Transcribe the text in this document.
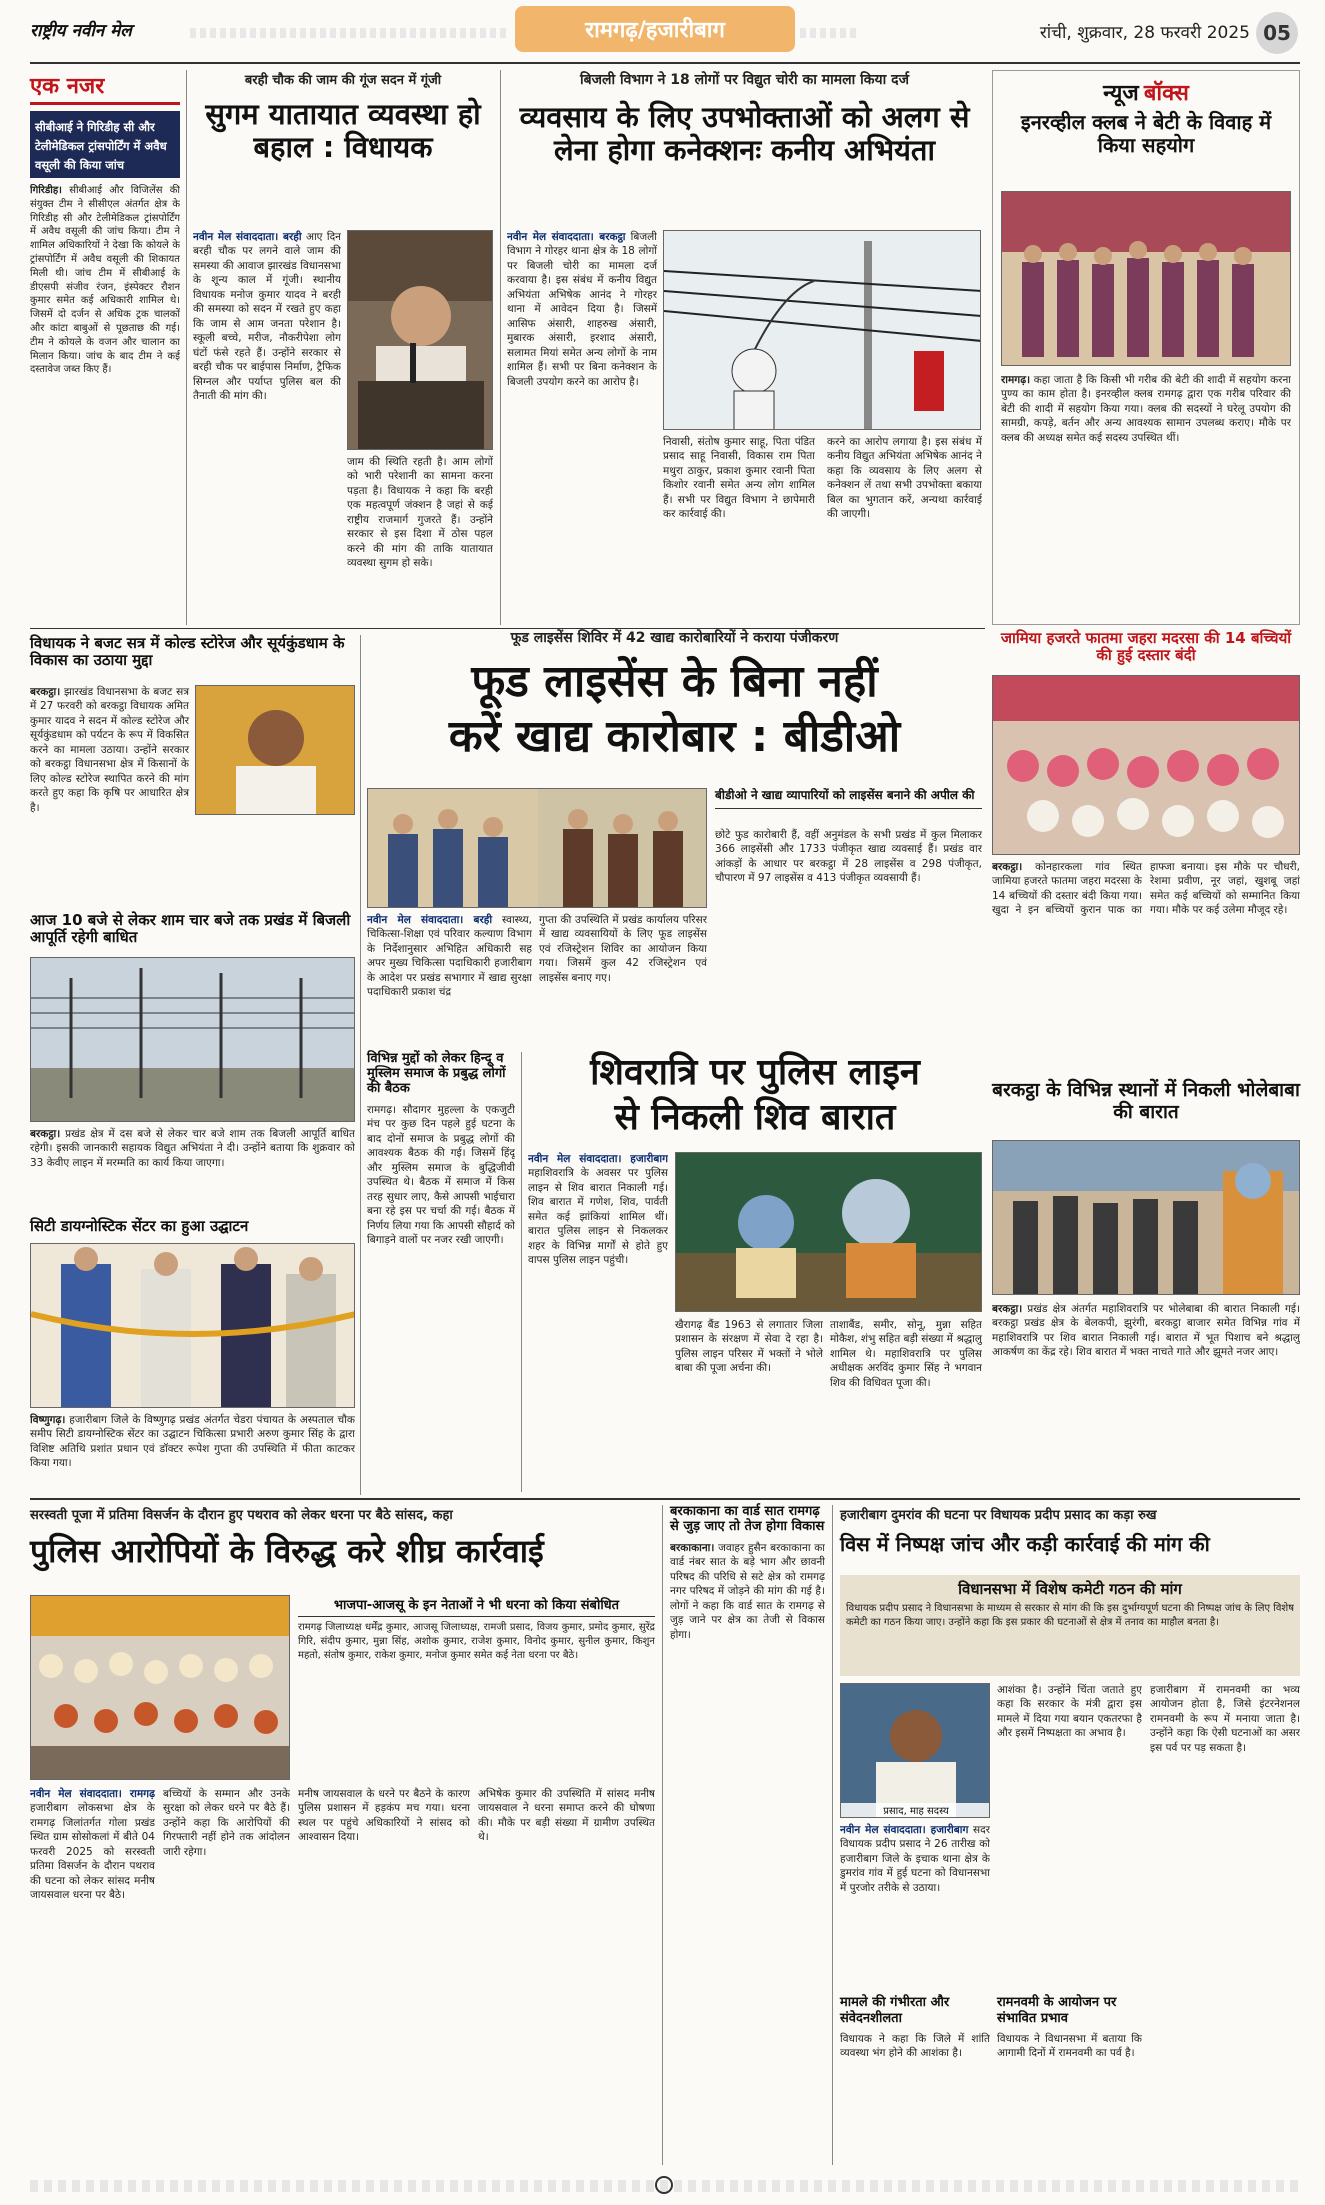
राष्ट्रीय नवीन मेल	रामगढ़/हजारीबाग	रांची, शुक्रवार, 28 फरवरी 2025 05
एक नजर
सीबीआई ने गिरिडीह सी और टेलीमेडिकल ट्रांसपोर्टिंग में अवैध वसूली की किया जांच
गिरिडीह। सीबीआई और विजिलेंस की संयुक्त टीम ने सीसीएल अंतर्गत क्षेत्र के गिरिडीह सी और टेलीमेडिकल ट्रांसपोर्टिंग में अवैध वसूली की जांच किया। टीम ने शामिल अधिकारियों ने देखा कि कोयले के ट्रांसपोर्टिंग में अवैध वसूली की शिकायत मिली थी। जांच टीम में सीबीआई के डीएसपी संजीव रंजन, इंस्पेक्टर रौशन कुमार समेत कई अधिकारी शामिल थे। जिसमें दो दर्जन से अधिक ट्रक चालकों और कांटा बाबुओं से पूछताछ की गई। टीम ने कोयले के वजन और चालान का मिलान किया। जांच के बाद टीम ने कई दस्तावेज जब्त किए हैं।
बरही चौक की जाम की गूंज सदन में गूंजी
सुगम यातायात व्यवस्था हो बहाल : विधायक
नवीन मेल संवाददाता। बरही आए दिन बरही चौक पर लगने वाले जाम की समस्या की आवाज झारखंड विधानसभा के शून्य काल में गूंजी। स्थानीय विधायक मनोज कुमार यादव ने बरही की समस्या को सदन में रखते हुए कहा कि जाम से आम जनता परेशान है। स्कूली बच्चे, मरीज, नौकरीपेशा लोग घंटों फंसे रहते हैं। उन्होंने सरकार से बरही चौक पर बाईपास निर्माण, ट्रैफिक सिग्नल और पर्याप्त पुलिस बल की तैनाती की मांग की।
जाम की स्थिति रहती है। आम लोगों को भारी परेशानी का सामना करना पड़ता है। विधायक ने कहा कि बरही एक महत्वपूर्ण जंक्शन है जहां से कई राष्ट्रीय राजमार्ग गुजरते हैं। उन्होंने सरकार से इस दिशा में ठोस पहल करने की मांग की ताकि यातायात व्यवस्था सुगम हो सके।
बिजली विभाग ने 18 लोगों पर विद्युत चोरी का मामला किया दर्ज
व्यवसाय के लिए उपभोक्ताओं को अलग से लेना होगा कनेक्शनः कनीय अभियंता
नवीन मेल संवाददाता। बरकट्ठा बिजली विभाग ने गोरहर थाना क्षेत्र के 18 लोगों पर बिजली चोरी का मामला दर्ज करवाया है। इस संबंध में कनीय विद्युत अभियंता अभिषेक आनंद ने गोरहर थाना में आवेदन दिया है। जिसमें आसिफ अंसारी, शाहरुख अंसारी, मुबारक अंसारी, इरशाद अंसारी, सलामत मियां समेत अन्य लोगों के नाम शामिल हैं। सभी पर बिना कनेक्शन के बिजली उपयोग करने का आरोप है।
निवासी, संतोष कुमार साहू, पिता पंडित प्रसाद साहू निवासी, विकास राम पिता मथुरा ठाकुर, प्रकाश कुमार रवानी पिता किशोर रवानी समेत अन्य लोग शामिल हैं। सभी पर विद्युत विभाग ने छापेमारी कर कार्रवाई की।
करने का आरोप लगाया है। इस संबंध में कनीय विद्युत अभियंता अभिषेक आनंद ने कहा कि व्यवसाय के लिए अलग से कनेक्शन लें तथा सभी उपभोक्ता बकाया बिल का भुगतान करें, अन्यथा कार्रवाई की जाएगी।
न्यूज बॉक्स
इनरव्हील क्लब ने बेटी के विवाह में किया सहयोग
रामगढ़। कहा जाता है कि किसी भी गरीब की बेटी की शादी में सहयोग करना पुण्य का काम होता है। इनरव्हील क्लब रामगढ़ द्वारा एक गरीब परिवार की बेटी की शादी में सहयोग किया गया। क्लब की सदस्यों ने घरेलू उपयोग की सामग्री, कपड़े, बर्तन और अन्य आवश्यक सामान उपलब्ध कराए। मौके पर क्लब की अध्यक्ष समेत कई सदस्य उपस्थित थीं।
विधायक ने बजट सत्र में कोल्ड स्टोरेज और सूर्यकुंडधाम के विकास का उठाया मुद्दा
बरकट्ठा। झारखंड विधानसभा के बजट सत्र में 27 फरवरी को बरकट्ठा विधायक अमित कुमार यादव ने सदन में कोल्ड स्टोरेज और सूर्यकुंडधाम को पर्यटन के रूप में विकसित करने का मामला उठाया। उन्होंने सरकार को बरकट्ठा विधानसभा क्षेत्र में किसानों के लिए कोल्ड स्टोरेज स्थापित करने की मांग करते हुए कहा कि कृषि पर आधारित क्षेत्र है।
आज 10 बजे से लेकर शाम चार बजे तक प्रखंड में बिजली आपूर्ति रहेगी बाधित
बरकट्ठा। प्रखंड क्षेत्र में दस बजे से लेकर चार बजे शाम तक बिजली आपूर्ति बाधित रहेगी। इसकी जानकारी सहायक विद्युत अभियंता ने दी। उन्होंने बताया कि शुक्रवार को 33 केवीए लाइन में मरम्मति का कार्य किया जाएगा।
सिटी डायग्नोस्टिक सेंटर का हुआ उद्घाटन
विष्णुगढ़। हजारीबाग जिले के विष्णुगढ़ प्रखंड अंतर्गत चेडरा पंचायत के अस्पताल चौक समीप सिटी डायग्नोस्टिक सेंटर का उद्घाटन चिकित्सा प्रभारी अरुण कुमार सिंह के द्वारा विशिष्ट अतिथि प्रशांत प्रधान एवं डॉक्टर रूपेश गुप्ता की उपस्थिति में फीता काटकर किया गया।
फूड लाइसेंस शिविर में 42 खाद्य कारोबारियों ने कराया पंजीकरण
फूड लाइसेंस के बिना नहीं
करें खाद्य कारोबार : बीडीओ
बीडीओ ने खाद्य व्यापारियों को लाइसेंस बनाने की अपील की
छोटे फुड कारोबारी हैं, वहीं अनुमंडल के सभी प्रखंड में कुल मिलाकर 366 लाइसेंसी और 1733 पंजीकृत खाद्य व्यवसाई हैं। प्रखंड वार आंकड़ों के आधार पर बरकट्ठा में 28 लाइसेंस व 298 पंजीकृत, चौपारण में 97 लाइसेंस व 413 पंजीकृत व्यवसायी हैं।
नवीन मेल संवाददाता। बरही स्वास्थ्य, चिकित्सा-शिक्षा एवं परिवार कल्याण विभाग के निर्देशानुसार अभिहित अधिकारी सह अपर मुख्य चिकित्सा पदाधिकारी हजारीबाग के आदेश पर प्रखंड सभागार में खाद्य सुरक्षा पदाधिकारी प्रकाश चंद्र
गुप्ता की उपस्थिति में प्रखंड कार्यालय परिसर में खाद्य व्यवसायियों के लिए फूड लाइसेंस एवं रजिस्ट्रेशन शिविर का आयोजन किया गया। जिसमें कुल 42 रजिस्ट्रेशन एवं लाइसेंस बनाए गए।
विभिन्न मुद्दों को लेकर हिन्दू व मुस्लिम समाज के प्रबुद्ध लोगों की बैठक
रामगढ़। सौदागर मुहल्ला के एकजुटी मंच पर कुछ दिन पहले हुई घटना के बाद दोनों समाज के प्रबुद्ध लोगों की आवश्यक बैठक की गई। जिसमें हिंदू और मुस्लिम समाज के बुद्धिजीवी उपस्थित थे। बैठक में समाज में किस तरह सुधार लाए, कैसे आपसी भाईचारा बना रहे इस पर चर्चा की गई। बैठक में निर्णय लिया गया कि आपसी सौहार्द को बिगाड़ने वालों पर नजर रखी जाएगी।
शिवरात्रि पर पुलिस लाइन
से निकली शिव बारात
नवीन मेल संवाददाता। हजारीबाग महाशिवरात्रि के अवसर पर पुलिस लाइन से शिव बारात निकाली गई। शिव बारात में गणेश, शिव, पार्वती समेत कई झांकियां शामिल थीं। बारात पुलिस लाइन से निकलकर शहर के विभिन्न मार्गों से होते हुए वापस पुलिस लाइन पहुंची।
खैरागढ़ बैंड 1963 से लगातार जिला प्रशासन के संरक्षण में सेवा दे रहा है। पुलिस लाइन परिसर में भक्तों ने भोले बाबा की पूजा अर्चना की।
ताशाबैंड, समीर, सोनू, मुन्ना सहित मोकैश, शंभु सहित बड़ी संख्या में श्रद्धालु शामिल थे। महाशिवरात्रि पर पुलिस अधीक्षक अरविंद कुमार सिंह ने भगवान शिव की विधिवत पूजा की।
जामिया हजरते फातमा जहरा मदरसा की 14 बच्चियों की हुई दस्तार बंदी
बरकट्ठा। कोनहारकला गांव स्थित जामिया हजरते फातमा जहरा मदरसा के 14 बच्चियों की दस्तार बंदी किया गया। खुदा ने इन बच्चियों कुरान पाक का हाफ्जा बनाया। इस मौके पर चौधरी, रेशमा प्रवीण, नूर जहां, खुशबू जहां समेत कई बच्चियों को सम्मानित किया गया। मौके पर कई उलेमा मौजूद रहे।
बरकट्ठा के विभिन्न स्थानों में निकली भोलेबाबा की बारात
बरकट्ठा। प्रखंड क्षेत्र अंतर्गत महाशिवरात्रि पर भोलेबाबा की बारात निकाली गई। बरकट्ठा प्रखंड क्षेत्र के बेलकपी, झुरंगी, बरकट्ठा बाजार समेत विभिन्न गांव में महाशिवरात्रि पर शिव बारात निकाली गई। बारात में भूत पिशाच बने श्रद्धालु आकर्षण का केंद्र रहे। शिव बारात में भक्त नाचते गाते और झूमते नजर आए।
सरस्वती पूजा में प्रतिमा विसर्जन के दौरान हुए पथराव को लेकर धरना पर बैठे सांसद, कहा
पुलिस आरोपियों के विरुद्ध करे शीघ्र कार्रवाई
भाजपा-आजसू के इन नेताओं ने भी धरना को किया संबोधित
रामगढ़ जिलाध्यक्ष धर्मेंद्र कुमार, आजसू जिलाध्यक्ष, रामजी प्रसाद, विजय कुमार, प्रमोद कुमार, सुरेंद्र गिरि, संदीप कुमार, मुन्ना सिंह, अशोक कुमार, राजेश कुमार, विनोद कुमार, सुनील कुमार, किशुन महतो, संतोष कुमार, राकेश कुमार, मनोज कुमार समेत कई नेता धरना पर बैठे।
नवीन मेल संवाददाता। रामगढ़ हजारीबाग लोकसभा क्षेत्र के रामगढ़ जिलांतर्गत गोला प्रखंड स्थित ग्राम सोसोकलां में बीते 04 फरवरी 2025 को सरस्वती प्रतिमा विसर्जन के दौरान पथराव की घटना को लेकर सांसद मनीष जायसवाल धरना पर बैठे।
बच्चियों के सम्मान और उनके सुरक्षा को लेकर धरने पर बैठे हैं। उन्होंने कहा कि आरोपियों की गिरफ्तारी नहीं होने तक आंदोलन जारी रहेगा।
मनीष जायसवाल के धरने पर बैठने के कारण पुलिस प्रशासन में हड़कंप मच गया। धरना स्थल पर पहुंचे अधिकारियों ने सांसद को आश्वासन दिया।
अभिषेक कुमार की उपस्थिति में सांसद मनीष जायसवाल ने धरना समाप्त करने की घोषणा की। मौके पर बड़ी संख्या में ग्रामीण उपस्थित थे।
बरकाकाना का वार्ड सात रामगढ़ से जुड़ जाए तो तेज होगा विकास
बरकाकाना। जवाहर हुसैन बरकाकाना का वार्ड नंबर सात के बड़े भाग और छावनी परिषद की परिधि से सटे क्षेत्र को रामगढ़ नगर परिषद में जोड़ने की मांग की गई है। लोगों ने कहा कि वार्ड सात के रामगढ़ से जुड़ जाने पर क्षेत्र का तेजी से विकास होगा।
हजारीबाग दुमरांव की घटना पर विधायक प्रदीप प्रसाद का कड़ा रुख
विस में निष्पक्ष जांच और कड़ी कार्रवाई की मांग की
विधानसभा में विशेष कमेटी गठन की मांग
विधायक प्रदीप प्रसाद ने विधानसभा के माध्यम से सरकार से मांग की कि इस दुर्भाग्यपूर्ण घटना की निष्पक्ष जांच के लिए विशेष कमेटी का गठन किया जाए। उन्होंने कहा कि इस प्रकार की घटनाओं से क्षेत्र में तनाव का माहौल बनता है।
प्रसाद, माह सदस्य
नवीन मेल संवाददाता। हजारीबाग सदर विधायक प्रदीप प्रसाद ने 26 तारीख को हजारीबाग जिले के इचाक थाना क्षेत्र के डुमरांव गांव में हुई घटना को विधानसभा में पुरजोर तरीके से उठाया।
मामले की गंभीरता और संवेदनशीलता
विधायक ने कहा कि जिले में शांति व्यवस्था भंग होने की आशंका है।
आशंका है। उन्होंने चिंता जताते हुए कहा कि सरकार के मंत्री द्वारा इस मामले में दिया गया बयान एकतरफा है और इसमें निष्पक्षता का अभाव है।
रामनवमी के आयोजन पर संभावित प्रभाव
विधायक ने विधानसभा में बताया कि आगामी दिनों में रामनवमी का पर्व है।
हजारीबाग में रामनवमी का भव्य आयोजन होता है, जिसे इंटरनेशनल रामनवमी के रूप में मनाया जाता है। उन्होंने कहा कि ऐसी घटनाओं का असर इस पर्व पर पड़ सकता है।
